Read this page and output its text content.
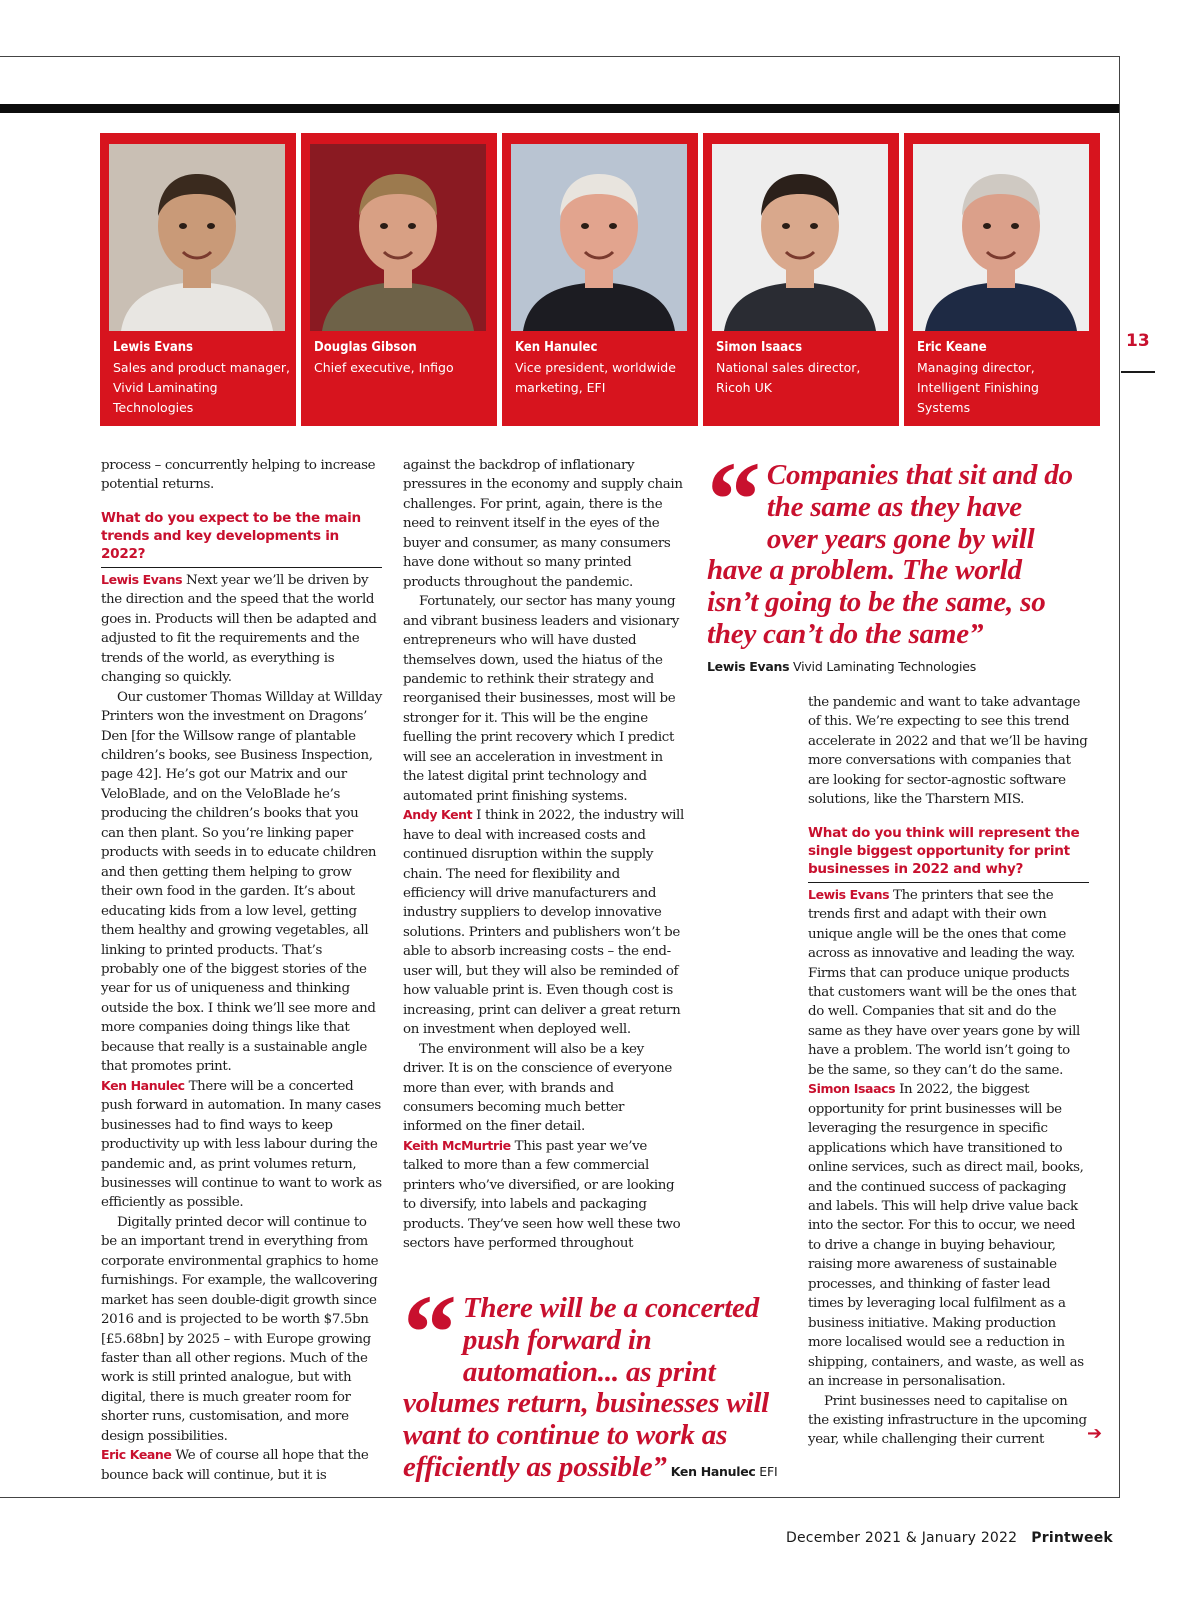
13
Lewis Evans
Sales and product manager, Vivid Laminating Technologies
Douglas Gibson
Chief executive, Infigo
Ken Hanulec
Vice president, worldwide marketing, EFI
Simon Isaacs
National sales director, Ricoh UK
Eric Keane
Managing director, Intelligent Finishing Systems

process – concurrently helping to increase potential returns.

What do you expect to be the main trends and key developments in 2022?

Lewis Evans Next year we’ll be driven by the direction and the speed that the world goes in. Products will then be adapted and adjusted to fit the requirements and the trends of the world, as everything is changing so quickly.

Our customer Thomas Willday at Willday Printers won the investment on Dragons’ Den [for the Willsow range of plantable children’s books, see Business Inspection, page 42]. He’s got our Matrix and our VeloBlade, and on the VeloBlade he’s producing the children’s books that you can then plant. So you’re linking paper products with seeds in to educate children and then getting them helping to grow their own food in the garden. It’s about educating kids from a low level, getting them healthy and growing vegetables, all linking to printed products. That’s probably one of the biggest stories of the year for us of uniqueness and thinking outside the box. I think we’ll see more and more companies doing things like that because that really is a sustainable angle that promotes print.

Ken Hanulec There will be a concerted push forward in automation. In many cases businesses had to find ways to keep productivity up with less labour during the pandemic and, as print volumes return, businesses will continue to want to work as efficiently as possible.

Digitally printed decor will continue to be an important trend in everything from corporate environmental graphics to home furnishings. For example, the wallcovering market has seen double-digit growth since 2016 and is projected to be worth $7.5bn [£5.68bn] by 2025 – with Europe growing faster than all other regions. Much of the work is still printed analogue, but with digital, there is much greater room for shorter runs, customisation, and more design possibilities.

Eric Keane We of course all hope that the bounce back will continue, but it is

against the backdrop of inflationary pressures in the economy and supply chain challenges. For print, again, there is the need to reinvent itself in the eyes of the buyer and consumer, as many consumers have done without so many printed products throughout the pandemic.

Fortunately, our sector has many young and vibrant business leaders and visionary entrepreneurs who will have dusted themselves down, used the hiatus of the pandemic to rethink their strategy and reorganised their businesses, most will be stronger for it. This will be the engine fuelling the print recovery which I predict will see an acceleration in investment in the latest digital print technology and automated print finishing systems.

Andy Kent I think in 2022, the industry will have to deal with increased costs and continued disruption within the supply chain. The need for flexibility and efficiency will drive manufacturers and industry suppliers to develop innovative solutions. Printers and publishers won’t be able to absorb increasing costs – the end-user will, but they will also be reminded of how valuable print is. Even though cost is increasing, print can deliver a great return on investment when deployed well.

The environment will also be a key driver. It is on the conscience of everyone more than ever, with brands and consumers becoming much better informed on the finer detail.

Keith McMurtrie This past year we’ve talked to more than a few commercial printers who’ve diversified, or are looking to diversify, into labels and packaging products. They’ve seen how well these two sectors have performed throughout

“ Companies that sit and do the same as they have over years gone by will have a problem. The world isn’t going to be the same, so they can’t do the same”
Lewis Evans Vivid Laminating Technologies
“ There will be a concerted push forward in automation... as print volumes return, businesses will want to continue to work as efficiently as possible” Ken Hanulec EFI

the pandemic and want to take advantage of this. We’re expecting to see this trend accelerate in 2022 and that we’ll be having more conversations with companies that are looking for sector-agnostic software solutions, like the Tharstern MIS.

What do you think will represent the single biggest opportunity for print businesses in 2022 and why?

Lewis Evans The printers that see the trends first and adapt with their own unique angle will be the ones that come across as innovative and leading the way. Firms that can produce unique products that customers want will be the ones that do well. Companies that sit and do the same as they have over years gone by will have a problem. The world isn’t going to be the same, so they can’t do the same.

Simon Isaacs In 2022, the biggest opportunity for print businesses will be leveraging the resurgence in specific applications which have transitioned to online services, such as direct mail, books, and the continued success of packaging and labels. This will help drive value back into the sector. For this to occur, we need to drive a change in buying behaviour, raising more awareness of sustainable processes, and thinking of faster lead times by leveraging local fulfilment as a business initiative. Making production more localised would see a reduction in shipping, containers, and waste, as well as an increase in personalisation.

Print businesses need to capitalise on the existing infrastructure in the upcoming year, while challenging their current	➔
December 2021 & January 2022 Printweek
